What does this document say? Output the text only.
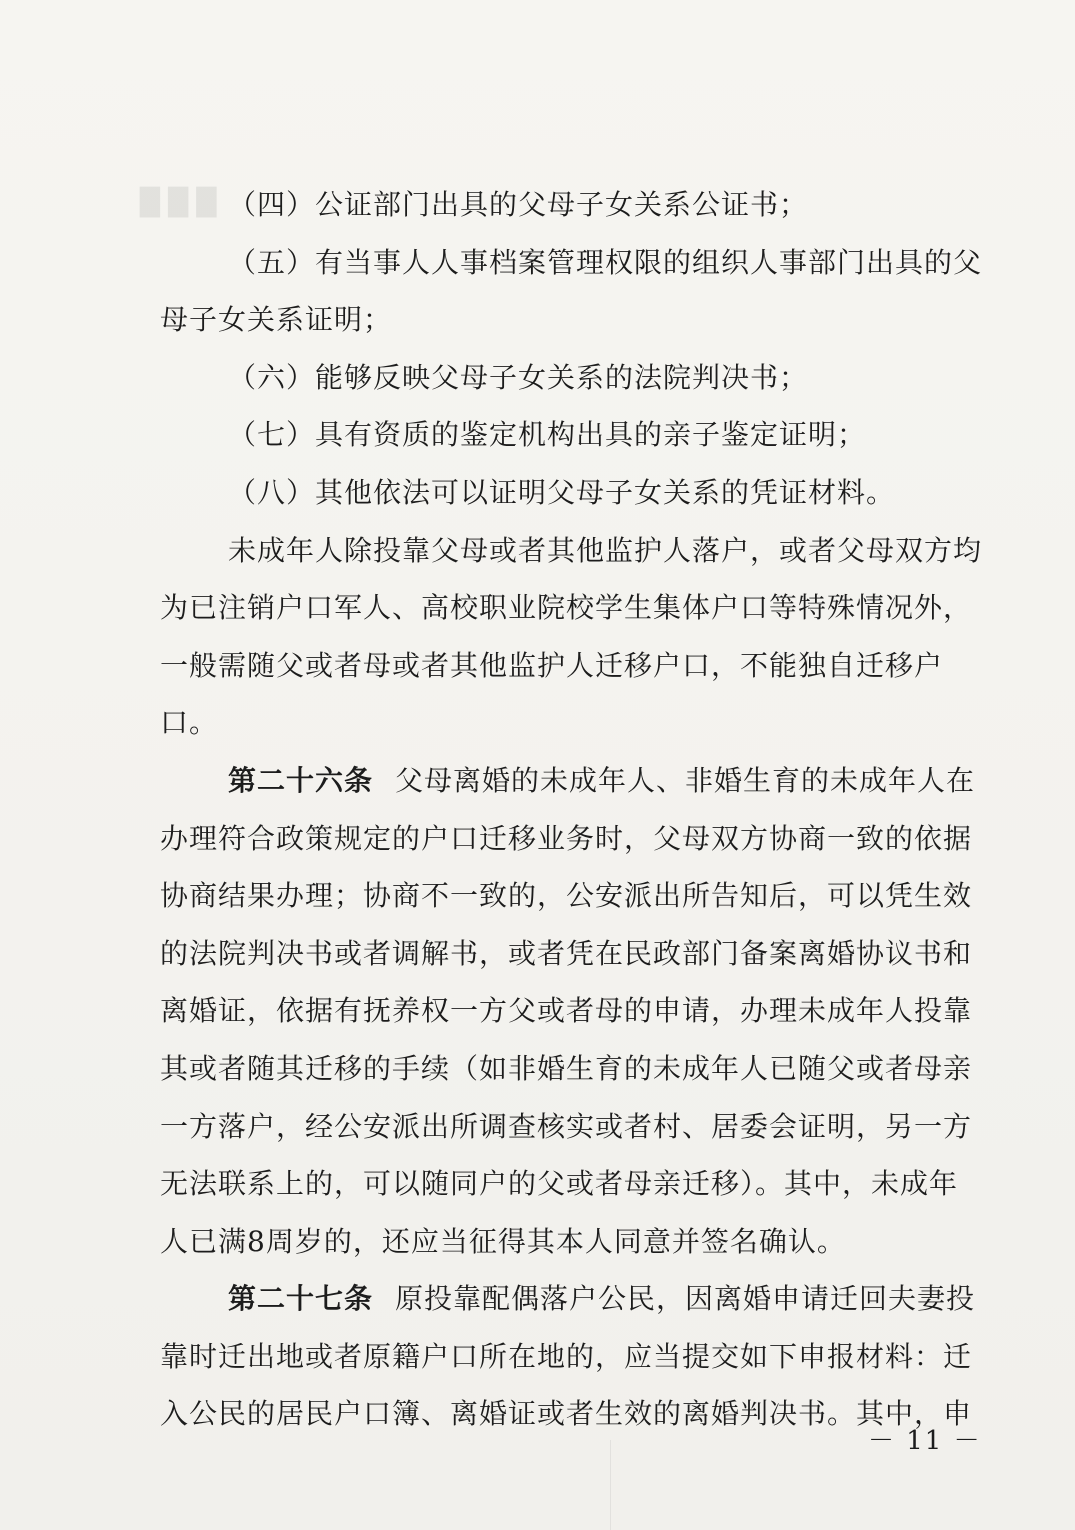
█ █ █ （四）公证部门出具的父母子女关系公证书；
（五）有当事人人事档案管理权限的组织人事部门出具的父
母子女关系证明；
（六）能够反映父母子女关系的法院判决书；
（七）具有资质的鉴定机构出具的亲子鉴定证明；
（八）其他依法可以证明父母子女关系的凭证材料。
未成年人除投靠父母或者其他监护人落户，或者父母双方均
为已注销户口军人、高校职业院校学生集体户口等特殊情况外，
一般需随父或者母或者其他监护人迁移户口，不能独自迁移户
口。
第二十六条 父母离婚的未成年人、非婚生育的未成年人在
办理符合政策规定的户口迁移业务时，父母双方协商一致的依据
协商结果办理；协商不一致的，公安派出所告知后，可以凭生效
的法院判决书或者调解书，或者凭在民政部门备案离婚协议书和
离婚证，依据有抚养权一方父或者母的申请，办理未成年人投靠
其或者随其迁移的手续（如非婚生育的未成年人已随父或者母亲
一方落户，经公安派出所调查核实或者村、居委会证明，另一方
无法联系上的，可以随同户的父或者母亲迁移）。其中，未成年
人已满8周岁的，还应当征得其本人同意并签名确认。
第二十七条 原投靠配偶落户公民，因离婚申请迁回夫妻投
靠时迁出地或者原籍户口所在地的，应当提交如下申报材料：迁
入公民的居民户口簿、离婚证或者生效的离婚判决书。其中，申
－ 11 －
